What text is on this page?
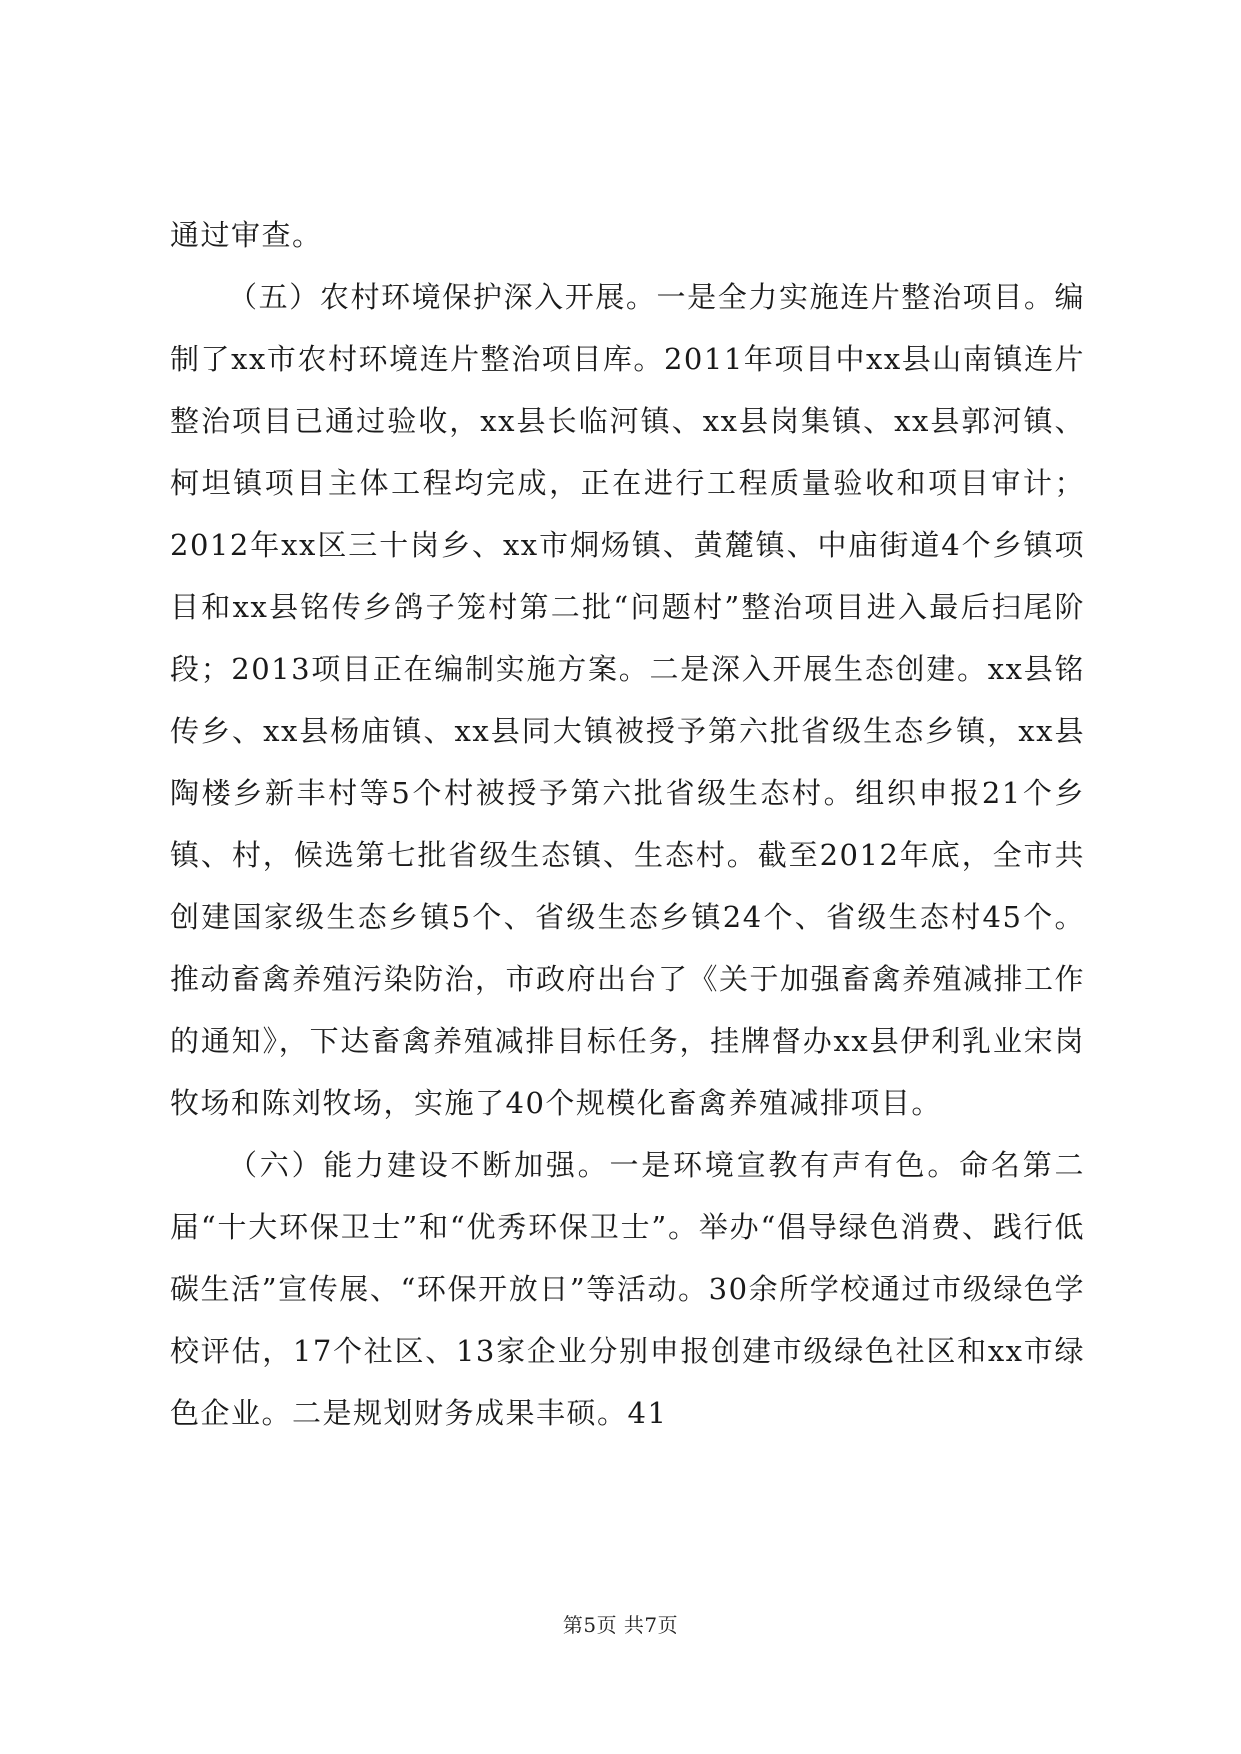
通过审查。

（五）农村环境保护深入开展。一是全力实施连片整治项目。编制了xx市农村环境连片整治项目库。2011年项目中xx县山南镇连片整治项目已通过验收，xx县长临河镇、xx县岗集镇、xx县郭河镇、柯坦镇项目主体工程均完成，正在进行工程质量验收和项目审计；2012年xx区三十岗乡、xx市烔炀镇、黄麓镇、中庙街道4个乡镇项目和xx县铭传乡鸽子笼村第二批“问题村”整治项目进入最后扫尾阶段；2013项目正在编制实施方案。二是深入开展生态创建。xx县铭传乡、xx县杨庙镇、xx县同大镇被授予第六批省级生态乡镇，xx县陶楼乡新丰村等5个村被授予第六批省级生态村。组织申报21个乡镇、村，候选第七批省级生态镇、生态村。截至2012年底，全市共创建国家级生态乡镇5个、省级生态乡镇24个、省级生态村45个。推动畜禽养殖污染防治，市政府出台了《关于加强畜禽养殖减排工作的通知》，下达畜禽养殖减排目标任务，挂牌督办xx县伊利乳业宋岗牧场和陈刘牧场，实施了40个规模化畜禽养殖减排项目。

（六）能力建设不断加强。一是环境宣教有声有色。命名第二届“十大环保卫士”和“优秀环保卫士”。举办“倡导绿色消费、践行低碳生活”宣传展、“环保开放日”等活动。30余所学校通过市级绿色学校评估，17个社区、13家企业分别申报创建市级绿色社区和xx市绿色企业。二是规划财务成果丰硕。41

第5页 共7页
